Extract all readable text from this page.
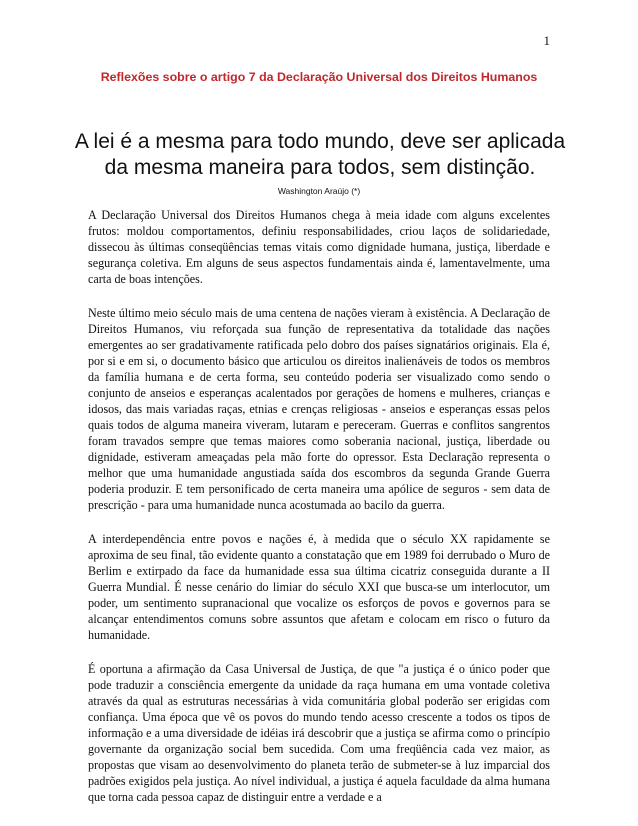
1
Reflexões sobre o artigo 7 da Declaração Universal dos Direitos Humanos
A lei é a mesma para todo mundo, deve ser aplicada
da mesma maneira para todos, sem distinção.
Washington Araújo (*)

A Declaração Universal dos Direitos Humanos chega à meia idade com alguns excelentes frutos: moldou comportamentos, definiu responsabilidades, criou laços de solidariedade, dissecou às últimas conseqüências temas vitais como dignidade humana, justiça, liberdade e segurança coletiva. Em alguns de seus aspectos fundamentais ainda é, lamentavelmente, uma carta de boas intenções.

Neste último meio século mais de uma centena de nações vieram à existência. A Declaração de Direitos Humanos, viu reforçada sua função de representativa da totalidade das nações emergentes ao ser gradativamente ratificada pelo dobro dos países signatários originais. Ela é, por si e em si, o documento básico que articulou os direitos inalienáveis de todos os membros da família humana e de certa forma, seu conteúdo poderia ser visualizado como sendo o conjunto de anseios e esperanças acalentados por gerações de homens e mulheres, crianças e idosos, das mais variadas raças, etnias e crenças religiosas - anseios e esperanças essas pelos quais todos de alguma maneira viveram, lutaram e pereceram. Guerras e conflitos sangrentos foram travados sempre que temas maiores como soberania nacional, justiça, liberdade ou dignidade, estiveram ameaçadas pela mão forte do opressor. Esta Declaração representa o melhor que uma humanidade angustiada saída dos escombros da segunda Grande Guerra poderia produzir. E tem personificado de certa maneira uma apólice de seguros - sem data de prescrição - para uma humanidade nunca acostumada ao bacilo da guerra.

A interdependência entre povos e nações é, à medida que o século XX rapidamente se aproxima de seu final, tão evidente quanto a constatação que em 1989 foi derrubado o Muro de Berlim e extirpado da face da humanidade essa sua última cicatriz conseguida durante a II Guerra Mundial. É nesse cenário do limiar do século XXI que busca-se um interlocutor, um poder, um sentimento supranacional que vocalize os esforços de povos e governos para se alcançar entendimentos comuns sobre assuntos que afetam e colocam em risco o futuro da humanidade.

É oportuna a afirmação da Casa Universal de Justiça, de que "a justiça é o único poder que pode traduzir a consciência emergente da unidade da raça humana em uma vontade coletiva através da qual as estruturas necessárias à vida comunitária global poderão ser erigidas com confiança. Uma época que vê os povos do mundo tendo acesso crescente a todos os tipos de informação e a uma diversidade de idéias irá descobrir que a justiça se afirma como o princípio governante da organização social bem sucedida. Com uma freqüência cada vez maior, as propostas que visam ao desenvolvimento do planeta terão de submeter-se à luz imparcial dos padrões exigidos pela justiça. Ao nível individual, a justiça é aquela faculdade da alma humana que torna cada pessoa capaz de distinguir entre a verdade e a
